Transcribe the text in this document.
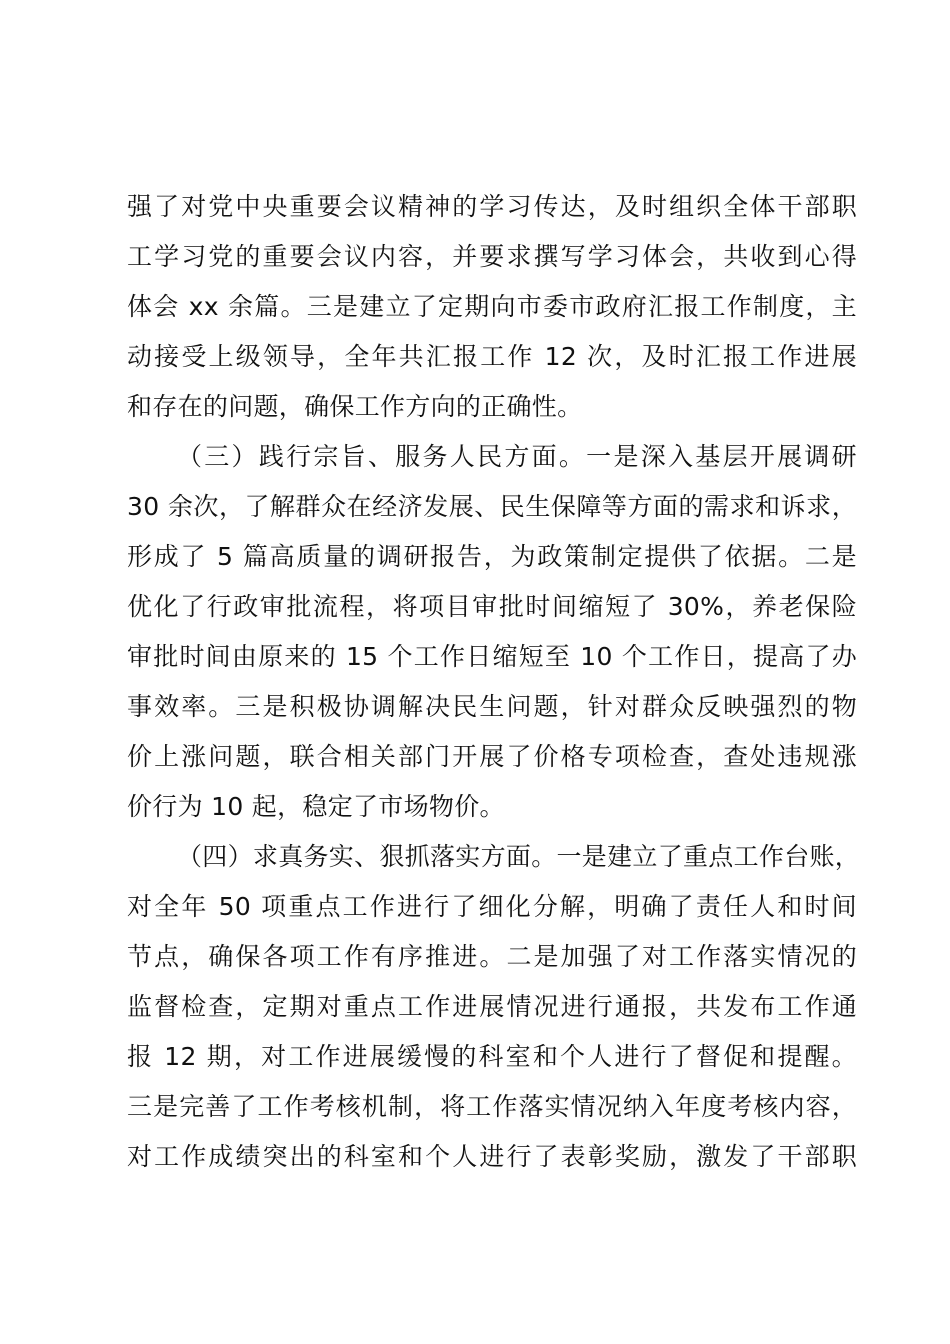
强了对党中央重要会议精神的学习传达，及时组织全体干部职
工学习党的重要会议内容，并要求撰写学习体会，共收到心得
体会 xx 余篇。三是建立了定期向市委市政府汇报工作制度，主
动接受上级领导，全年共汇报工作 12 次，及时汇报工作进展
和存在的问题，确保工作方向的正确性。
（三）践行宗旨、服务人民方面。一是深入基层开展调研
30 余次，了解群众在经济发展、民生保障等方面的需求和诉求，
形成了 5 篇高质量的调研报告，为政策制定提供了依据。二是
优化了行政审批流程，将项目审批时间缩短了 30%，养老保险
审批时间由原来的 15 个工作日缩短至 10 个工作日，提高了办
事效率。三是积极协调解决民生问题，针对群众反映强烈的物
价上涨问题，联合相关部门开展了价格专项检查，查处违规涨
价行为 10 起，稳定了市场物价。
（四）求真务实、狠抓落实方面。一是建立了重点工作台账，
对全年 50 项重点工作进行了细化分解，明确了责任人和时间
节点，确保各项工作有序推进。二是加强了对工作落实情况的
监督检查，定期对重点工作进展情况进行通报，共发布工作通
报 12 期，对工作进展缓慢的科室和个人进行了督促和提醒。
三是完善了工作考核机制，将工作落实情况纳入年度考核内容，
对工作成绩突出的科室和个人进行了表彰奖励，激发了干部职
